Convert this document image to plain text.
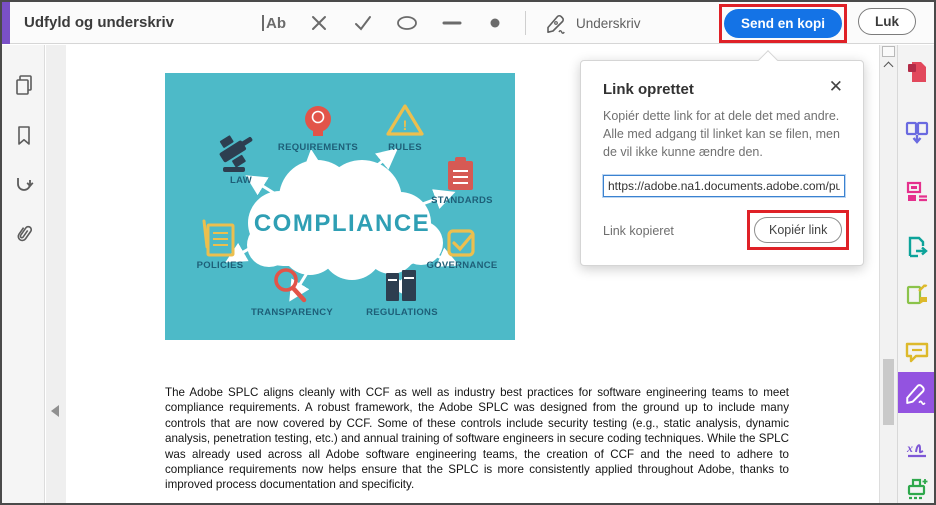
Udfyld og underskriv	Ab	Underskriv	Send en kopi	Luk
COMPLIANCE
!
LAW
REQUIREMENTS	RULES
STANDARDS
GOVERNANCE
REGULATIONS
TRANSPARENCY
POLICIES
The Adobe SPLC aligns cleanly with CCF as well as industry best practices for software engineering teams to meet compliance requirements. A robust framework, the Adobe SPLC was designed from the ground up to include many controls that are now covered by CCF. Some of these controls include security testing (e.g., static analysis, dynamic analysis, penetration testing, etc.) and annual training of software engineers in secure coding techniques. While the SPLC was already used across all Adobe software engineering teams, the creation of CCF and the need to adhere to compliance requirements now helps ensure that the SPLC is more consistently applied throughout Adobe, thanks to improved process documentation and specificity.
x
Link oprettet	✕
Kopiér dette link for at dele det med andre. Alle med adgang til linket kan se filen, men de vil ikke kunne ændre den.
https://adobe.na1.documents.adobe.com/pub
Link kopieret	Kopiér link
